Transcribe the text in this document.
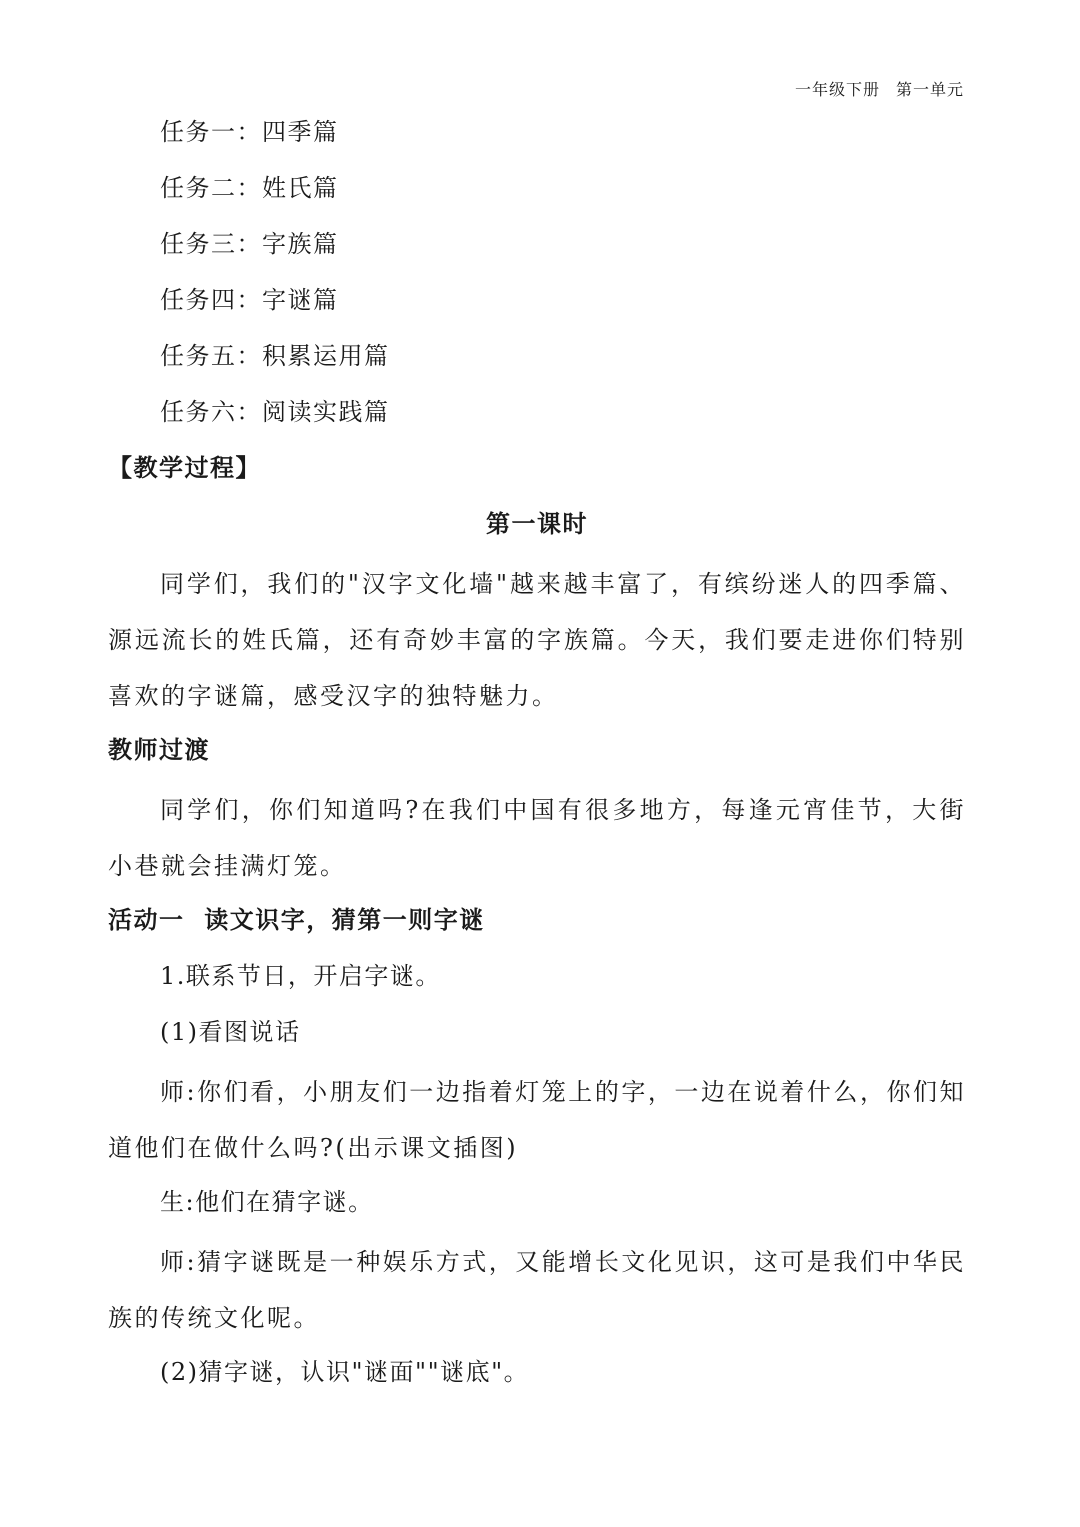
一年级下册 第一单元
任务一：四季篇
任务二：姓氏篇
任务三：字族篇
任务四：字谜篇
任务五：积累运用篇
任务六：阅读实践篇
【教学过程】
第一课时

同学们，我们的"汉字文化墙"越来越丰富了，有缤纷迷人的四季篇、源远流长的姓氏篇，还有奇妙丰富的字族篇。今天，我们要走进你们特别喜欢的字谜篇，感受汉字的独特魅力。

教师过渡

同学们，你们知道吗?在我们中国有很多地方，每逢元宵佳节，大街小巷就会挂满灯笼。

活动一  读文识字，猜第一则字谜
1.联系节日，开启字谜。
(1)看图说话

师:你们看，小朋友们一边指着灯笼上的字，一边在说着什么，你们知道他们在做什么吗?(出示课文插图)

生:他们在猜字谜。

师:猜字谜既是一种娱乐方式，又能增长文化见识，这可是我们中华民族的传统文化呢。

(2)猜字谜，认识"谜面""谜底"。
